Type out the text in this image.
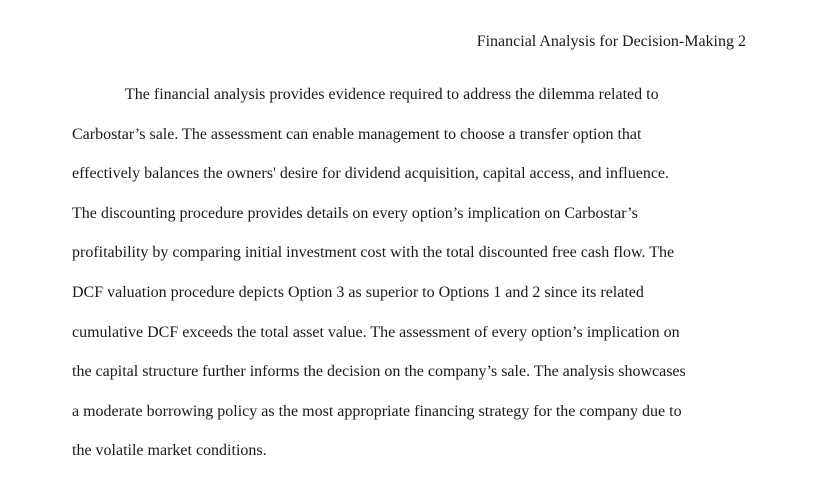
Financial Analysis for Decision-Making 2
The financial analysis provides evidence required to address the dilemma related to
Carbostar’s sale. The assessment can enable management to choose a transfer option that
effectively balances the owners' desire for dividend acquisition, capital access, and influence.
The discounting procedure provides details on every option’s implication on Carbostar’s
profitability by comparing initial investment cost with the total discounted free cash flow. The
DCF valuation procedure depicts Option 3 as superior to Options 1 and 2 since its related
cumulative DCF exceeds the total asset value. The assessment of every option’s implication on
the capital structure further informs the decision on the company’s sale. The analysis showcases
a moderate borrowing policy as the most appropriate financing strategy for the company due to
the volatile market conditions.
